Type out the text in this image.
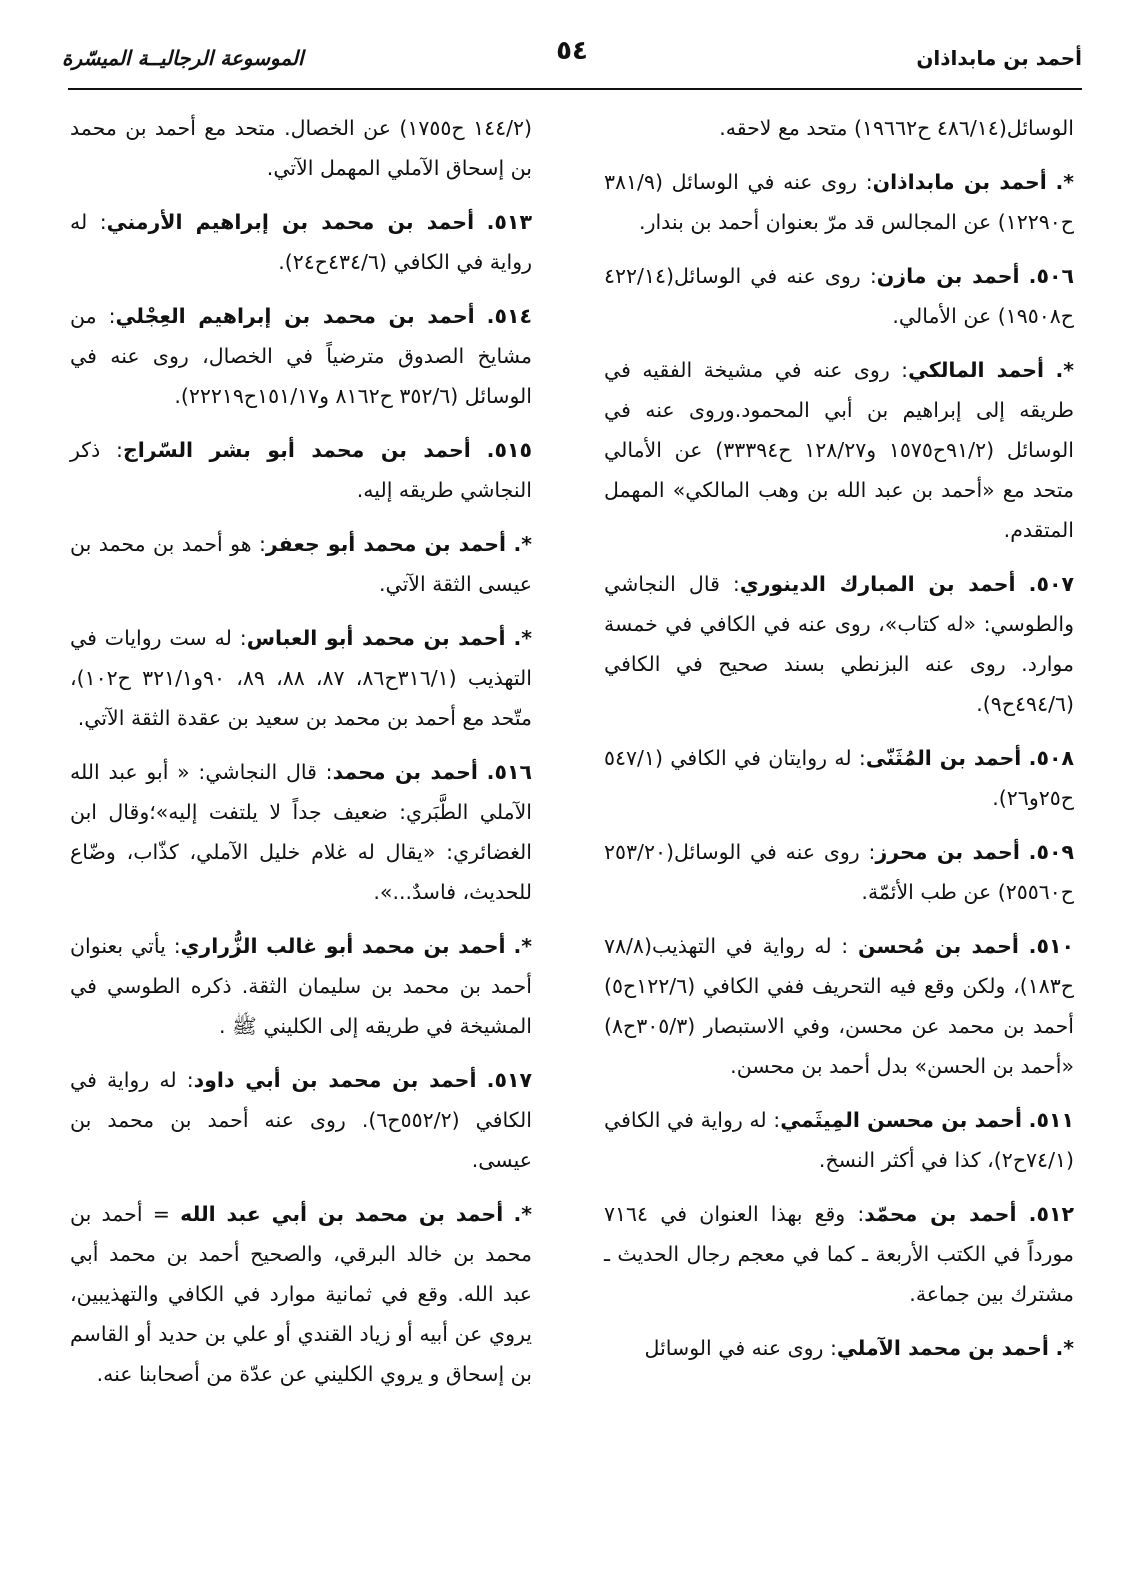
أحمد بن مابداذان
٥٤
الموسوعة الرجاليــة الميسّرة

الوسائل(٤٨٦/١٤ ح١٩٦٦٢) متحد مع لاحقه.

*. أحمد بن مابداذان: روى عنه في الوسائل (٣٨١/٩ ح١٢٢٩٠) عن المجالس قد مرّ بعنوان أحمد بن بندار.

٥٠٦. أحمد بن مازن: روى عنه في الوسائل(٤٢٢/١٤ ح١٩٥٠٨) عن الأمالي.

*. أحمد المالكي: روى عنه في مشيخة الفقيه في طريقه إلى إبراهيم بن أبي المحمود.وروى عنه في الوسائل (٩١/٢ح١٥٧٥ و١٢٨/٢٧ ح٣٣٣٩٤) عن الأمالي متحد مع «أحمد بن عبد الله بن وهب المالكي» المهمل المتقدم.

٥٠٧. أحمد بن المبارك الدينوري: قال النجاشي والطوسي: «له كتاب»، روى عنه في الكافي في خمسة موارد. روى عنه البزنطي بسند صحيح في الكافي (٤٩٤/٦ح٩).

٥٠٨. أحمد بن المُثَنّى: له روايتان في الكافي (٥٤٧/١ ح٢٥و٢٦).

٥٠٩. أحمد بن محرز: روى عنه في الوسائل(٢٥٣/٢٠ ح٢٥٥٦٠) عن طب الأئمّة.

٥١٠. أحمد بن مُحسن : له رواية في التهذيب(٧٨/٨ ح١٨٣)، ولكن وقع فيه التحريف ففي الكافي (١٢٢/٦ح٥) أحمد بن محمد عن محسن، وفي الاستبصار (٣٠٥/٣ح٨) «أحمد بن الحسن» بدل أحمد بن محسن.

٥١١. أحمد بن محسن المِيثَمي: له رواية في الكافي (٧٤/١ح٢)، كذا في أكثر النسخ.

٥١٢. أحمد بن محمّد: وقع بهذا العنوان في ٧١٦٤ مورداً في الكتب الأربعة ـ كما في معجم رجال الحديث ـ مشترك بين جماعة.

*. أحمد بن محمد الآملي: روى عنه في الوسائل

(١٤٤/٢ ح١٧٥٥) عن الخصال. متحد مع أحمد بن محمد بن إسحاق الآملي المهمل الآتي.

٥١٣. أحمد بن محمد بن إبراهيم الأرمني: له رواية في الكافي (٤٣٤/٦ح٢٤).

٥١٤. أحمد بن محمد بن إبراهيم العِجْلي: من مشايخ الصدوق مترضياً في الخصال، روى عنه في الوسائل (٣٥٢/٦ ح٨١٦٢ و١٥١/١٧ح٢٢٢١٩).

٥١٥. أحمد بن محمد أبو بشر السّراج: ذكر النجاشي طريقه إليه.

*. أحمد بن محمد أبو جعفر: هو أحمد بن محمد بن عيسى الثقة الآتي.

*. أحمد بن محمد أبو العباس: له ست روايات في التهذيب (٣١٦/١ح٨٦، ٨٧، ٨٨، ٨٩، ٩٠و٣٢١/١ ح١٠٢)، متّحد مع أحمد بن محمد بن سعيد بن عقدة الثقة الآتي.

٥١٦. أحمد بن محمد: قال النجاشي: « أبو عبد الله الآملي الطَّبَري: ضعيف جداً لا يلتفت إليه»؛وقال ابن الغضائري: «يقال له غلام خليل الآملي، كذّاب، وضّاع للحديث، فاسدٌ...».

*. أحمد بن محمد أبو غالب الزُّراري: يأتي بعنوان أحمد بن محمد بن سليمان الثقة. ذكره الطوسي في المشيخة في طريقه إلى الكليني ﷺ .

٥١٧. أحمد بن محمد بن أبي داود: له رواية في الكافي (٥٥٢/٢ح٦). روى عنه أحمد بن محمد بن عيسى.

*. أحمد بن محمد بن أبي عبد الله = أحمد بن محمد بن خالد البرقي، والصحيح أحمد بن محمد أبي عبد الله. وقع في ثمانية موارد في الكافي والتهذيبين، يروي عن أبيه أو زياد القندي أو علي بن حديد أو القاسم بن إسحاق و يروي الكليني عن عدّة من أصحابنا عنه.
